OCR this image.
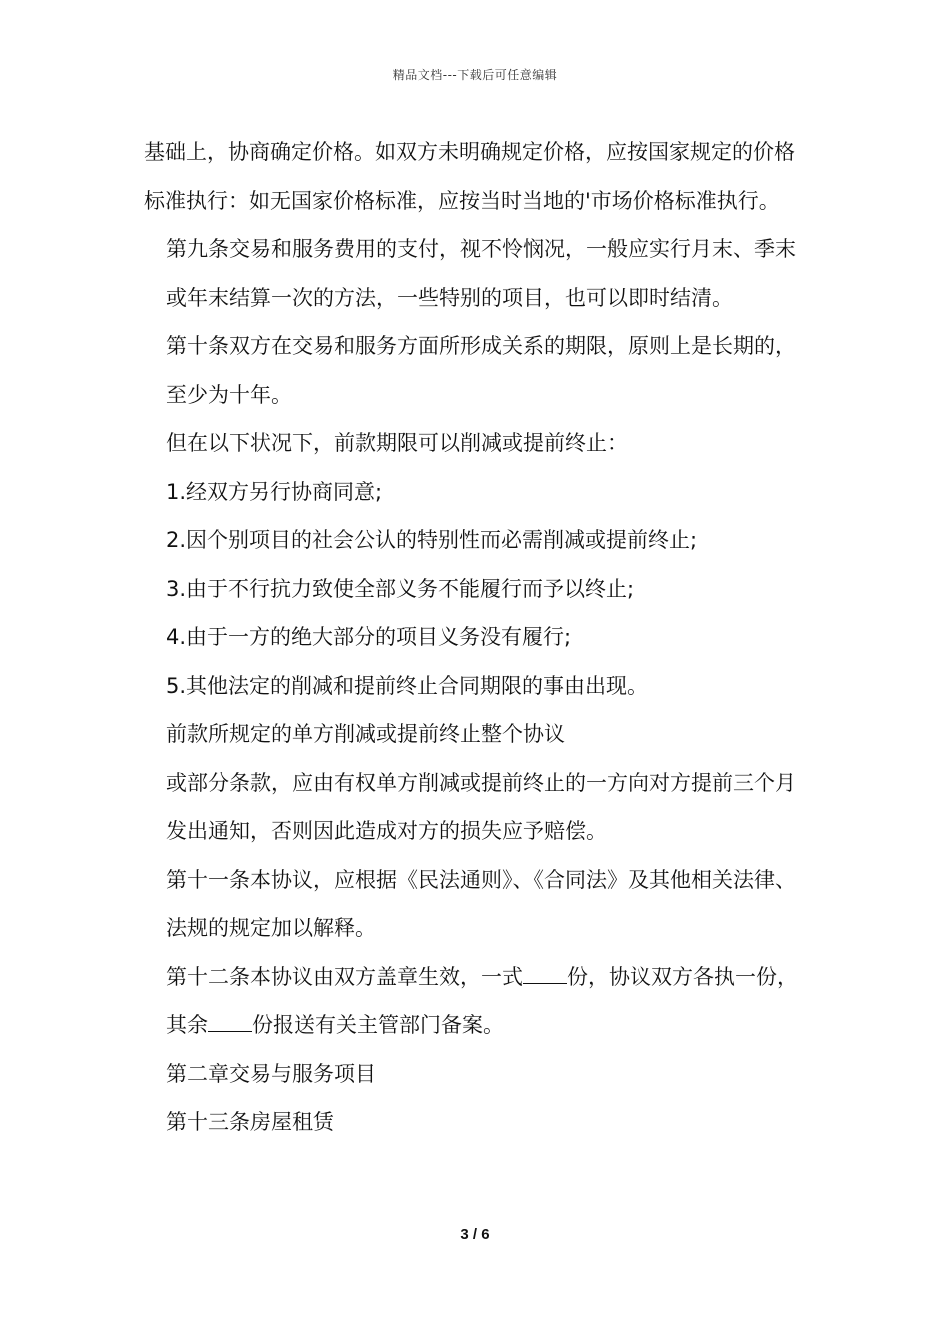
精品文档---下载后可任意编辑

基础上，协商确定价格。如双方未明确规定价格，应按国家规定的价格标准执行：如无国家价格标准，应按当时当地的'市场价格标准执行。

第九条交易和服务费用的支付，视不怜悯况，一般应实行月末、季末或年末结算一次的方法，一些特别的项目，也可以即时结清。

第十条双方在交易和服务方面所形成关系的期限，原则上是长期的，至少为十年。

但在以下状况下，前款期限可以削减或提前终止：

1.经双方另行协商同意;

2.因个别项目的社会公认的特别性而必需削减或提前终止;

3.由于不行抗力致使全部义务不能履行而予以终止;

4.由于一方的绝大部分的项目义务没有履行;

5.其他法定的削减和提前终止合同期限的事由出现。

前款所规定的单方削减或提前终止整个协议

或部分条款，应由有权单方削减或提前终止的一方向对方提前三个月发出通知，否则因此造成对方的损失应予赔偿。

第十一条本协议，应根据《民法通则》、《合同法》及其他相关法律、法规的规定加以解释。

第十二条本协议由双方盖章生效，一式 份，协议双方各执一份，其余 份报送有关主管部门备案。

第二章交易与服务项目

第十三条房屋租赁

3 / 6
